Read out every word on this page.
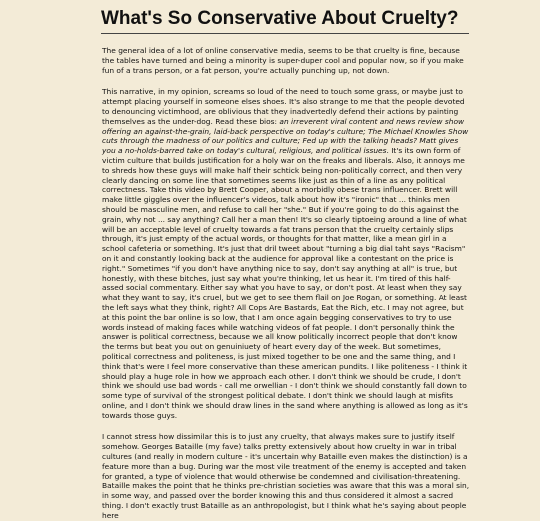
What's So Conservative About Cruelty?

The general idea of a lot of online conservative media, seems to be that cruelty is fine, because the tables have turned and being a minority is super-duper cool and popular now, so if you make fun of a trans person, or a fat person, you're actually punching up, not down.

This narrative, in my opinion, screams so loud of the need to touch some grass, or maybe just to attempt placing yourself in someone elses shoes. It's also strange to me that the people devoted to denouncing victimhood, are oblivious that they inadvertedly defend their actions by painting themselves as the under-dog. Read these bios: an irreverent viral content and news review show offering an against-the-grain, laid-back perspective on today's culture; The Michael Knowles Show cuts through the madness of our politics and culture; Fed up with the talking heads? Matt gives you a no-holds-barred take on today's cultural, religious, and political issues. It's its own form of victim culture that builds justification for a holy war on the freaks and liberals. Also, it annoys me to shreds how these guys will make half their schtick being non-politically correct, and then very clearly dancing on some line that sometimes seems like just as thin of a line as any political correctness. Take this video by Brett Cooper, about a morbidly obese trans influencer. Brett will make little giggles over the influencer's videos, talk about how it's "ironic" that ... thinks men should be masculine men, and refuse to call her "she." But if you're going to do this against the grain, why not ... say anything? Call her a man then! It's so clearly tiptoeing around a line of what will be an acceptable level of cruelty towards a fat trans person that the cruelty certainly slips through, it's just empty of the actual words, or thoughts for that matter, like a mean girl in a school cafeteria or something. It's just that dril tweet about "turning a big dial taht says "Racism" on it and constantly looking back at the audience for approval like a contestant on the price is right." Sometimes "if you don't have anything nice to say, don't say anything at all" is true, but honestly, with these bitches, just say what you're thinking, let us hear it. I'm tired of this half-assed social commentary. Either say what you have to say, or don't post. At least when they say what they want to say, it's cruel, but we get to see them flail on Joe Rogan, or something. At least the left says what they think, right? All Cops Are Bastards, Eat the Rich, etc. I may not agree, but at this point the bar online is so low, that I am once again begging conservatives to try to use words instead of making faces while watching videos of fat people. I don't personally think the answer is political correctness, because we all know politically incorrect people that don't know the terms but beat you out on genuiniuety of heart every day of the week. But sometimes, political correctness and politeness, is just mixed together to be one and the same thing, and I think that's were I feel more conservative than these american pundits. I like politeness - I think it should play a huge role in how we approach each other. I don't think we should be crude, I don't think we should use bad words - call me orwellian - I don't think we should constantly fall down to some type of survival of the strongest political debate. I don't think we should laugh at misfits online, and I don't think we should draw lines in the sand where anything is allowed as long as it's towards those guys.

I cannot stress how dissimilar this is to just any cruelty, that always makes sure to justify itself somehow. Georges Bataille (my fave) talks pretty extensively about how cruelty in war in tribal cultures (and really in modern culture - it's uncertain why Bataille even makes the distinction) is a feature more than a bug. During war the most vile treatment of the enemy is accepted and taken for granted, a type of violence that would otherwise be condemned and civilisation-threatening. Bataille makes the point that he thinks pre-christian societies was aware that this was a moral sin, in some way, and passed over the border knowing this and thus considered it almost a sacred thing. I don't exactly trust Bataille as an anthropologist, but I think what he's saying about people here
